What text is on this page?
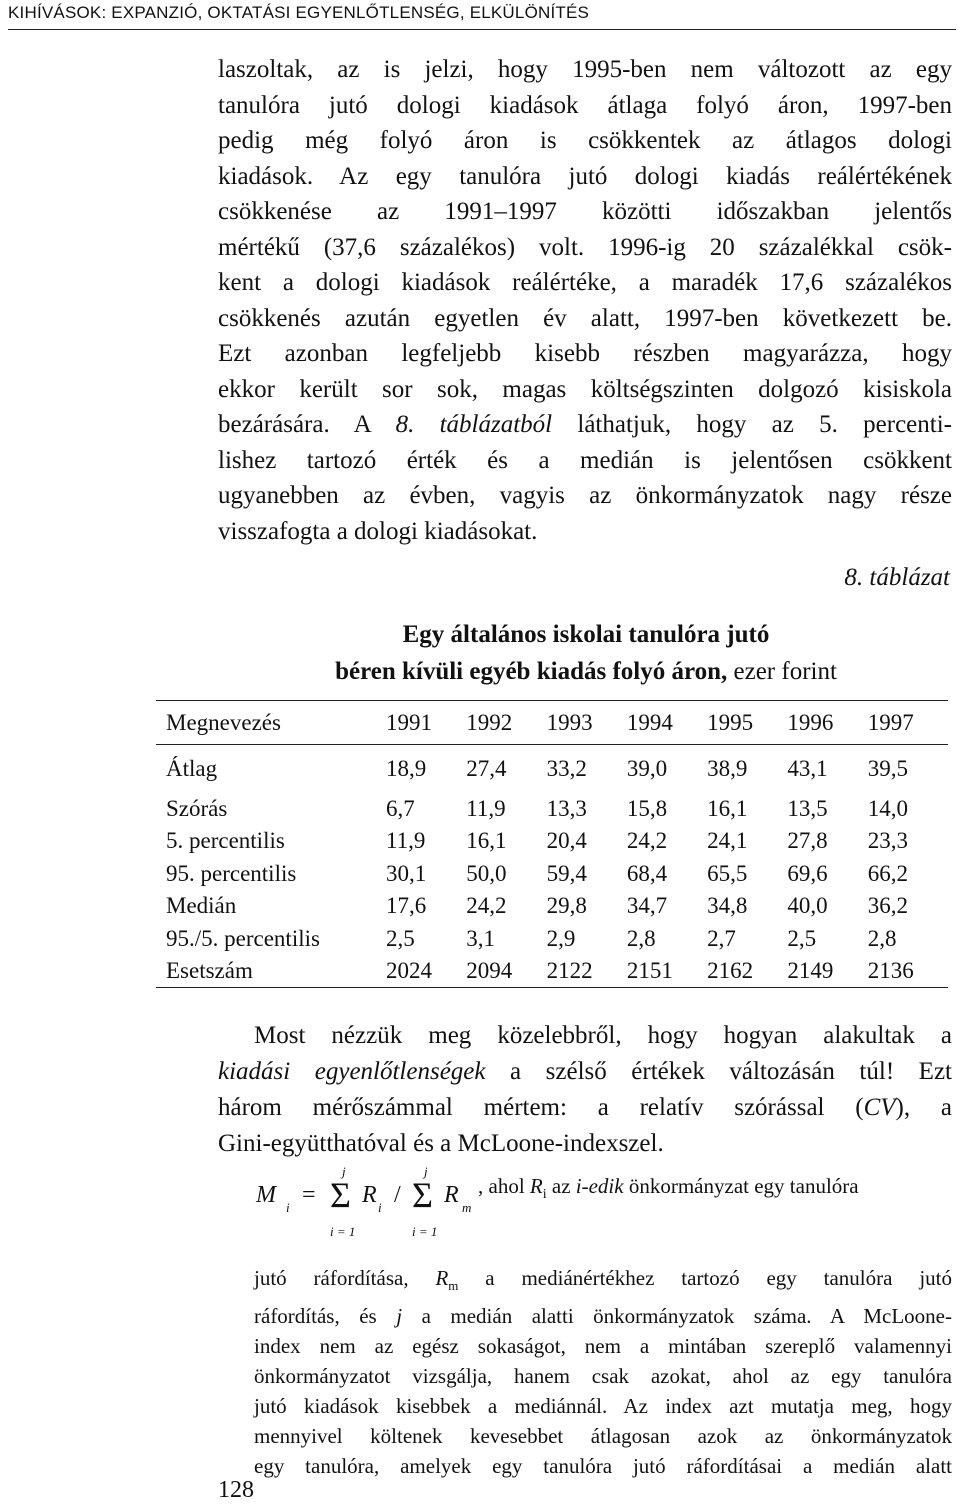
KIHÍVÁSOK: EXPANZIÓ, OKTATÁSI EGYENLŐTLENSÉG, ELKÜLÖNÍTÉS
laszoltak, az is jelzi, hogy 1995-ben nem változott az egy
tanulóra jutó dologi kiadások átlaga folyó áron, 1997-ben
pedig még folyó áron is csökkentek az átlagos dologi
kiadások. Az egy tanulóra jutó dologi kiadás reálértékének
csökkenése az 1991–1997 közötti időszakban jelentős
mértékű (37,6 százalékos) volt. 1996-ig 20 százalékkal csök-
kent a dologi kiadások reálértéke, a maradék 17,6 százalékos
csökkenés azután egyetlen év alatt, 1997-ben következett be.
Ezt azonban legfeljebb kisebb részben magyarázza, hogy
ekkor került sor sok, magas költségszinten dolgozó kisiskola
bezárására. A 8. táblázatból láthatjuk, hogy az 5. percenti-
lishez tartozó érték és a medián is jelentősen csökkent
ugyanebben az évben, vagyis az önkormányzatok nagy része
visszafogta a dologi kiadásokat.
8. táblázat
Egy általános iskolai tanulóra jutó
béren kívüli egyéb kiadás folyó áron, ezer forint
Megnevezés	1991	1992	1993	1994	1995	1996	1997
Átlag	18,9	27,4	33,2	39,0	38,9	43,1	39,5
Szórás	6,7	11,9	13,3	15,8	16,1	13,5	14,0
5. percentilis	11,9	16,1	20,4	24,2	24,1	27,8	23,3
95. percentilis	30,1	50,0	59,4	68,4	65,5	69,6	66,2
Medián	17,6	24,2	29,8	34,7	34,8	40,0	36,2
95./5. percentilis	2,5	3,1	2,9	2,8	2,7	2,5	2,8
Esetszám	2024	2094	2122	2151	2162	2149	2136
Most nézzük meg közelebbről, hogy hogyan alakultak a
kiadási egyenlőtlenségek a szélső értékek változásán túl! Ezt
három mérőszámmal mértem: a relatív szórással (CV), a
Gini-együtthatóval és a McLoone-indexszel.
M i =
j
Σ
i = 1
R i /
j
Σ
i = 1
R m
, ahol $R_i$ az i-edik önkormányzat egy tanulóra
jutó ráfordítása, $R_m$ a mediánértékhez tartozó egy tanulóra jutó
ráfordítás, és j a medián alatti önkormányzatok száma. A McLoone-
index nem az egész sokaságot, nem a mintában szereplő valamennyi
önkormányzatot vizsgálja, hanem csak azokat, ahol az egy tanulóra
jutó kiadások kisebbek a mediánnál. Az index azt mutatja meg, hogy
mennyivel költenek kevesebbet átlagosan azok az önkormányzatok
egy tanulóra, amelyek egy tanulóra jutó ráfordításai a medián alatt
128
